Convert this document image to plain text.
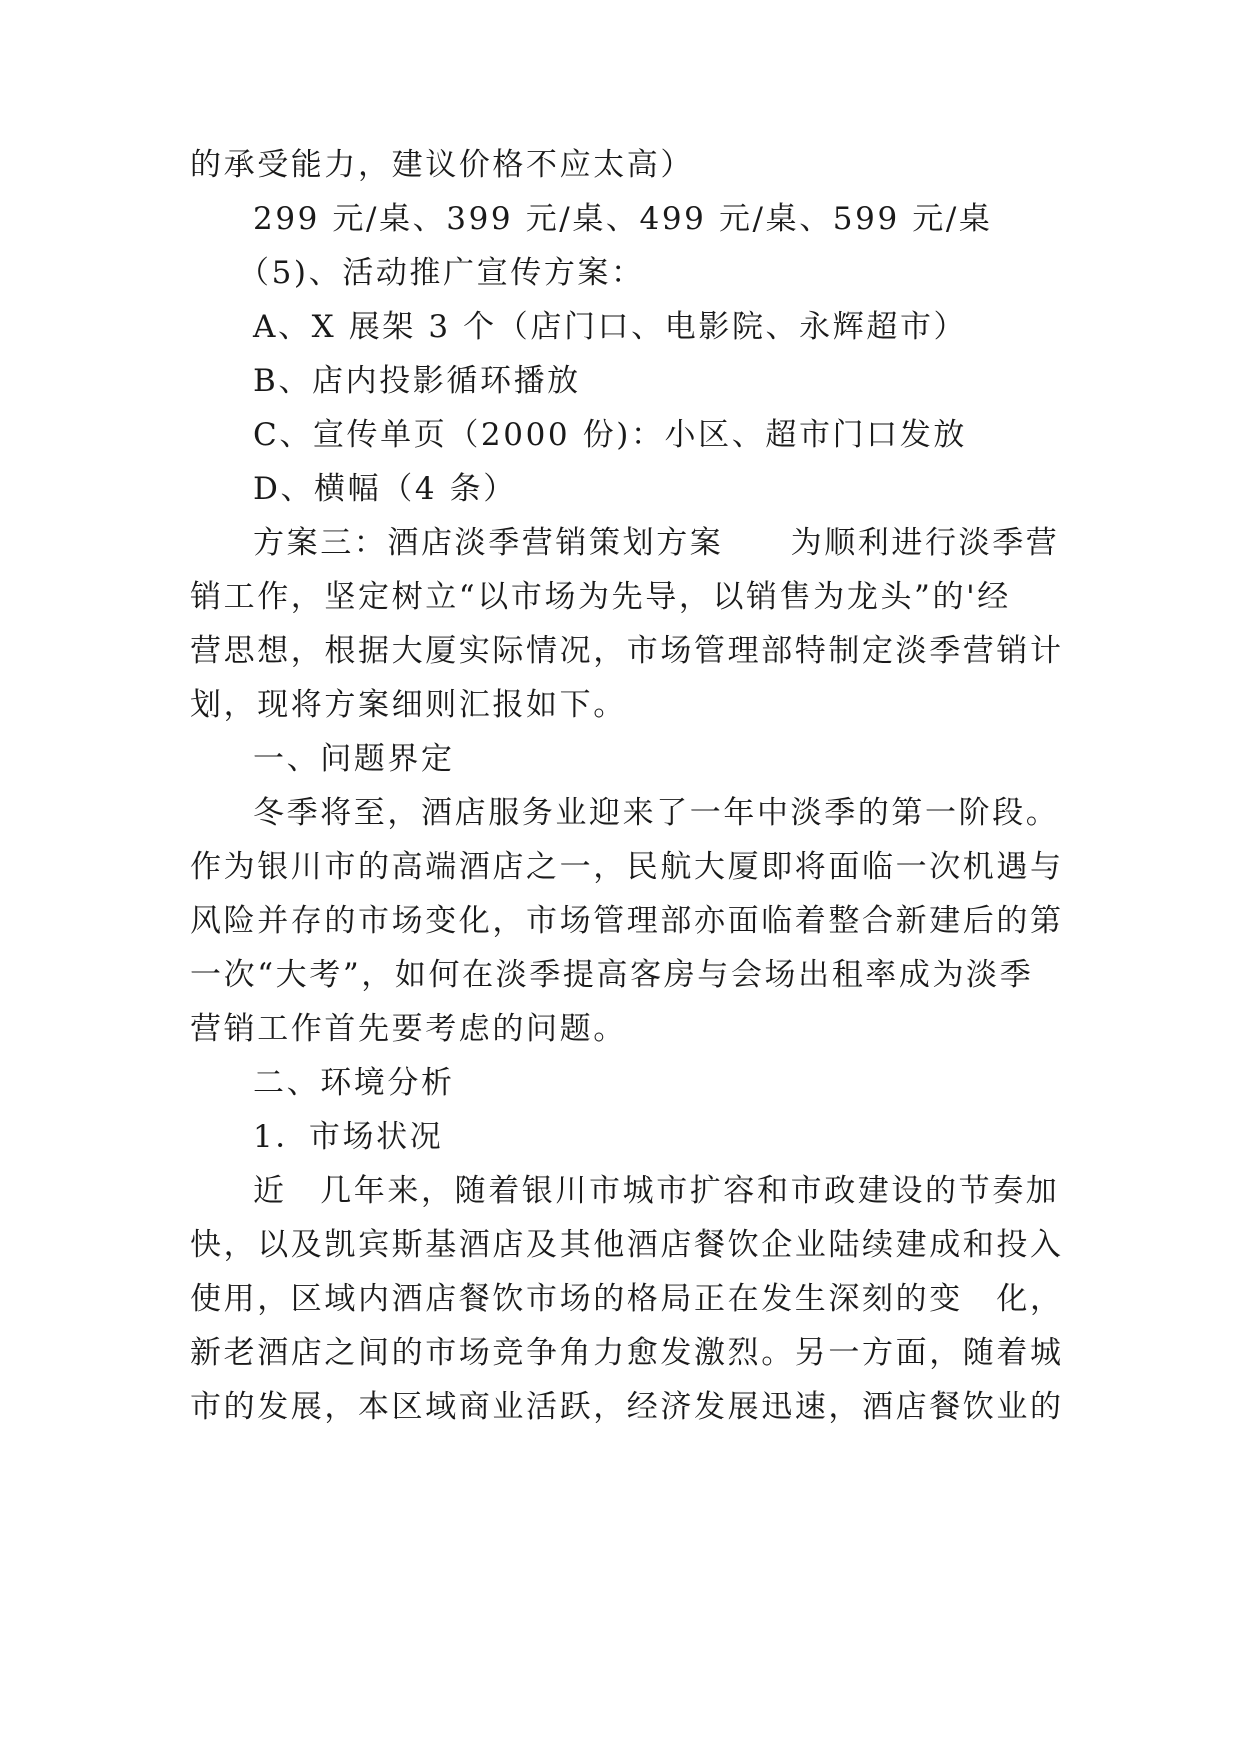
的承受能力，建议价格不应太高）
299 元/桌、399 元/桌、499 元/桌、599 元/桌
（5)、活动推广宣传方案：
A、X 展架 3 个（店门口、电影院、永辉超市）
B、店内投影循环播放
C、宣传单页（2000 份)：小区、超市门口发放
D、横幅（4 条）
方案三：酒店淡季营销策划方案　　为顺利进行淡季营
销工作，坚定树立“以市场为先导，以销售为龙头”的'经
营思想，根据大厦实际情况，市场管理部特制定淡季营销计
划，现将方案细则汇报如下。
一、问题界定
冬季将至，酒店服务业迎来了一年中淡季的第一阶段。
作为银川市的高端酒店之一，民航大厦即将面临一次机遇与
风险并存的市场变化，市场管理部亦面临着整合新建后的第
一次“大考”，如何在淡季提高客房与会场出租率成为淡季
营销工作首先要考虑的问题。
二、环境分析
1．市场状况
近　几年来，随着银川市城市扩容和市政建设的节奏加
快，以及凯宾斯基酒店及其他酒店餐饮企业陆续建成和投入
使用，区域内酒店餐饮市场的格局正在发生深刻的变　化，
新老酒店之间的市场竞争角力愈发激烈。另一方面，随着城
市的发展，本区域商业活跃，经济发展迅速，酒店餐饮业的
